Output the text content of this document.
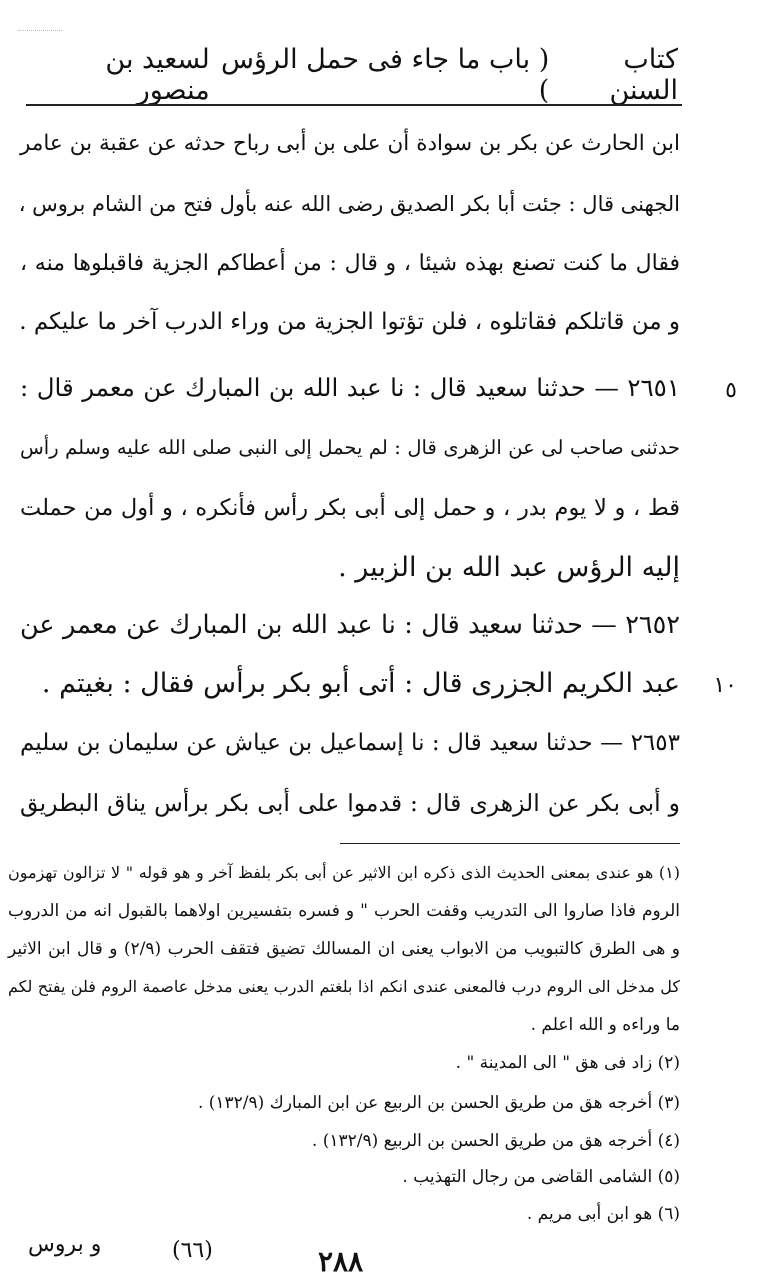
كتاب السنن
( باب ما جاء فى حمل الرؤس )
لسعيد بن منصور
ابن الحارث عن بكر بن سوادة أن على بن أبى رباح حدثه عن عقبة بن عامر
الجهنى قال : جئت أبا بكر الصديق رضى الله عنه بأول فتح من الشام بروس ،
فقال ما كنت تصنع بهذه شيئا ، و قال : من أعطاكم الجزية فاقبلوها منه ،
و من قاتلكم فقاتلوه ، فلن تؤتوا الجزية من وراء الدرب آخر ما عليكم .
٥
٢٦٥١ — حدثنا سعيد قال : نا عبد الله بن المبارك عن معمر قال :
حدثنى صاحب لى عن الزهرى قال : لم يحمل إلى النبى صلى الله عليه وسلم رأس
قط ، و لا يوم بدر ، و حمل إلى أبى بكر رأس فأنكره ، و أول من حملت
إليه الرؤس عبد الله بن الزبير .
٢٦٥٢ — حدثنا سعيد قال : نا عبد الله بن المبارك عن معمر عن
١٠
عبد الكريم الجزرى قال : أتى أبو بكر برأس فقال : بغيتم .
٢٦٥٣ — حدثنا سعيد قال : نا إسماعيل بن عياش عن سليمان بن سليم
و أبى بكر عن الزهرى قال : قدموا على أبى بكر برأس يناق البطريق
(١) هو عندى بمعنى الحديث الذى ذكره ابن الاثير عن أبى بكر بلفظ آخر و هو قوله " لا تزالون تهزمون
الروم فاذا صاروا الى التدريب وقفت الحرب " و فسره بتفسيرين اولاهما بالقبول انه من الدروب
و هى الطرق كالتبويب من الابواب يعنى ان المسالك تضيق فتقف الحرب (٢/٩) و قال ابن الاثير
كل مدخل الى الروم درب فالمعنى عندى انكم اذا بلغتم الدرب يعنى مدخل عاصمة الروم فلن يفتح لكم
ما وراءه و الله اعلم .
(٢) زاد فى هق " الى المدينة " .
(٣) أخرجه هق من طريق الحسن بن الربيع عن ابن المبارك (١٣٢/٩) .
(٤) أخرجه هق من طريق الحسن بن الربيع (١٣٢/٩) .
(٥) الشامى القاضى من رجال التهذيب .
(٦) هو ابن أبى مريم .
و بروس	(٦٦)	٢٨٨
